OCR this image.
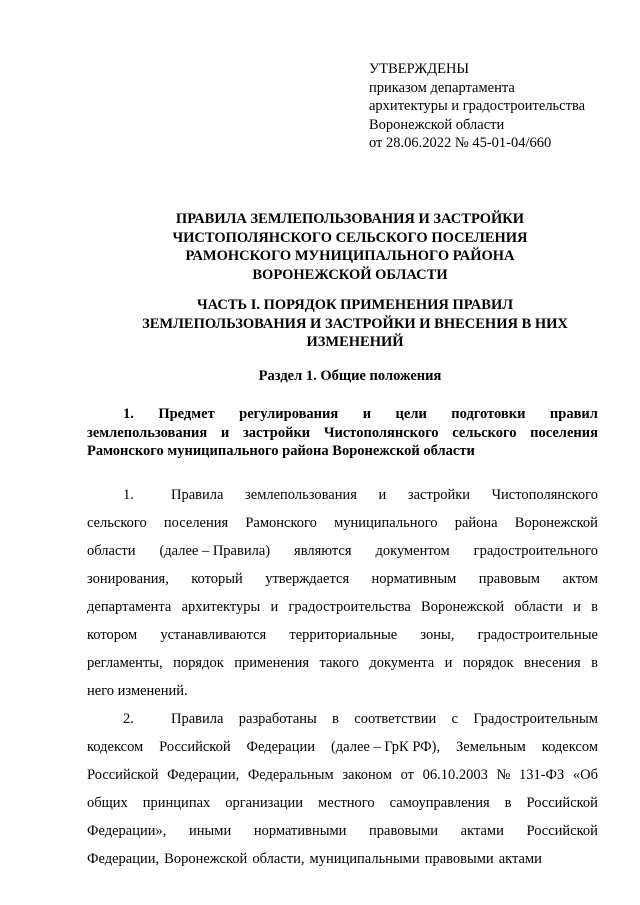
УТВЕРЖДЕНЫ
приказом департамента
архитектуры и градостроительства
Воронежской области
от 28.06.2022 № 45-01-04/660
ПРАВИЛА ЗЕМЛЕПОЛЬЗОВАНИЯ И ЗАСТРОЙКИ
ЧИСТОПОЛЯНСКОГО СЕЛЬСКОГО ПОСЕЛЕНИЯ
РАМОНСКОГО МУНИЦИПАЛЬНОГО РАЙОНА
ВОРОНЕЖСКОЙ ОБЛАСТИ
ЧАСТЬ I. ПОРЯДОК ПРИМЕНЕНИЯ ПРАВИЛ
ЗЕМЛЕПОЛЬЗОВАНИЯ И ЗАСТРОЙКИ И ВНЕСЕНИЯ В НИХ
ИЗМЕНЕНИЙ
Раздел 1. Общие положения
1. Предмет регулирования и цели подготовки правил
землепользования и застройки Чистополянского сельского поселения
Рамонского муниципального района Воронежской области
1.	Правила землепользования и застройки Чистополянского
сельского поселения Рамонского муниципального района Воронежской
области (далее – Правила) являются документом градостроительного
зонирования, который утверждается нормативным правовым актом
департамента архитектуры и градостроительства Воронежской области и в
котором устанавливаются территориальные зоны, градостроительные
регламенты, порядок применения такого документа и порядок внесения в
него изменений.
2.	Правила разработаны в соответствии с Градостроительным
кодексом Российской Федерации (далее – ГрК РФ), Земельным кодексом
Российской Федерации, Федеральным законом от 06.10.2003 № 131-ФЗ «Об
общих принципах организации местного самоуправления в Российской
Федерации», иными нормативными правовыми актами Российской
Федерации, Воронежской области, муниципальными правовыми актами
